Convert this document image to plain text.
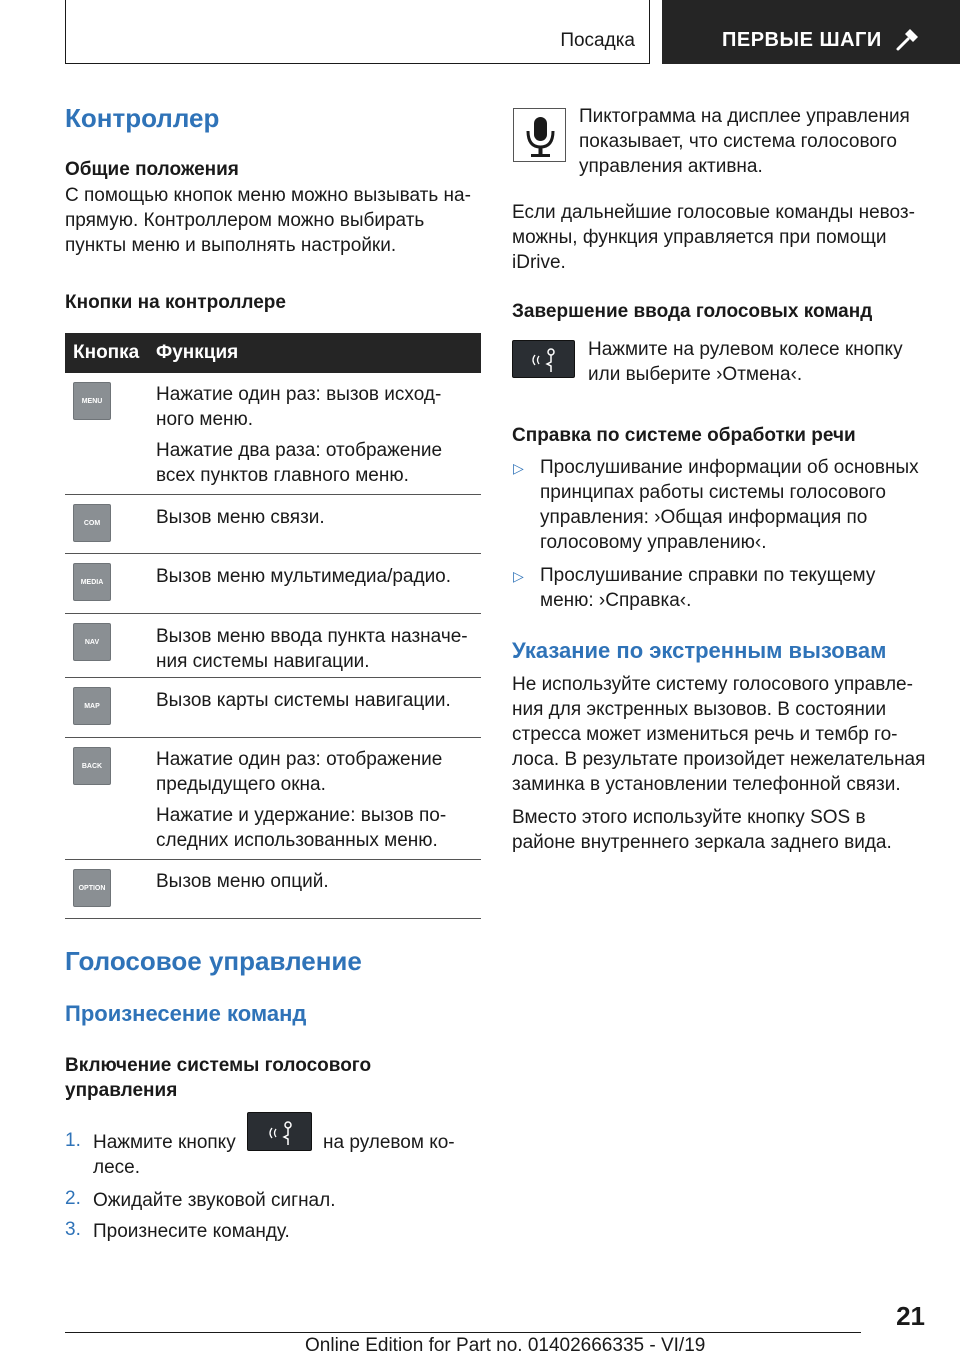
Посадка	ПЕРВЫЕ ШАГИ
Контроллер
Общие положения
С помощью кнопок меню можно вызывать на-
прямую. Контроллером можно выбирать
пункты меню и выполнять настройки.
Кнопки на контроллере
Кнопка Функция
MENU	Нажатие один раз: вызов исход-
ного меню.
Нажатие два раза: отображение
всех пунктов главного меню.
COM	Вызов меню связи.
MEDIA	Вызов меню мультимедиа/радио.
NAV	Вызов меню ввода пункта назначе-
ния системы навигации.
MAP	Вызов карты системы навигации.
BACK	Нажатие один раз: отображение
предыдущего окна.
Нажатие и удержание: вызов по-
следних использованных меню.
OPTION	Вызов меню опций.
Голосовое управление
Произнесение команд
Включение системы голосового
управления
1. Нажмите кнопку	на рулевом ко-
лесе.
2. Ожидайте звуковой сигнал.
3. Произнесите команду.
Пиктограмма на дисплее управления
показывает, что система голосового
управления активна.
Если дальнейшие голосовые команды невоз-
можны, функция управляется при помощи
iDrive.
Завершение ввода голосовых команд
Нажмите на рулевом колесе кнопку
или выберите ›Отмена‹.
Справка по системе обработки речи
▷ Прослушивание информации об основных
принципах работы системы голосового
управления: ›Общая информация по
голосовому управлению‹.
▷ Прослушивание справки по текущему
меню: ›Справка‹.
Указание по экстренным вызовам
Не используйте систему голосового управле-
ния для экстренных вызовов. В состоянии
стресса может измениться речь и тембр го-
лоса. В результате произойдет нежелательная
заминка в установлении телефонной связи.
Вместо этого используйте кнопку SOS в
районе внутреннего зеркала заднего вида.
21
Online Edition for Part no. 01402666335 - VI/19
